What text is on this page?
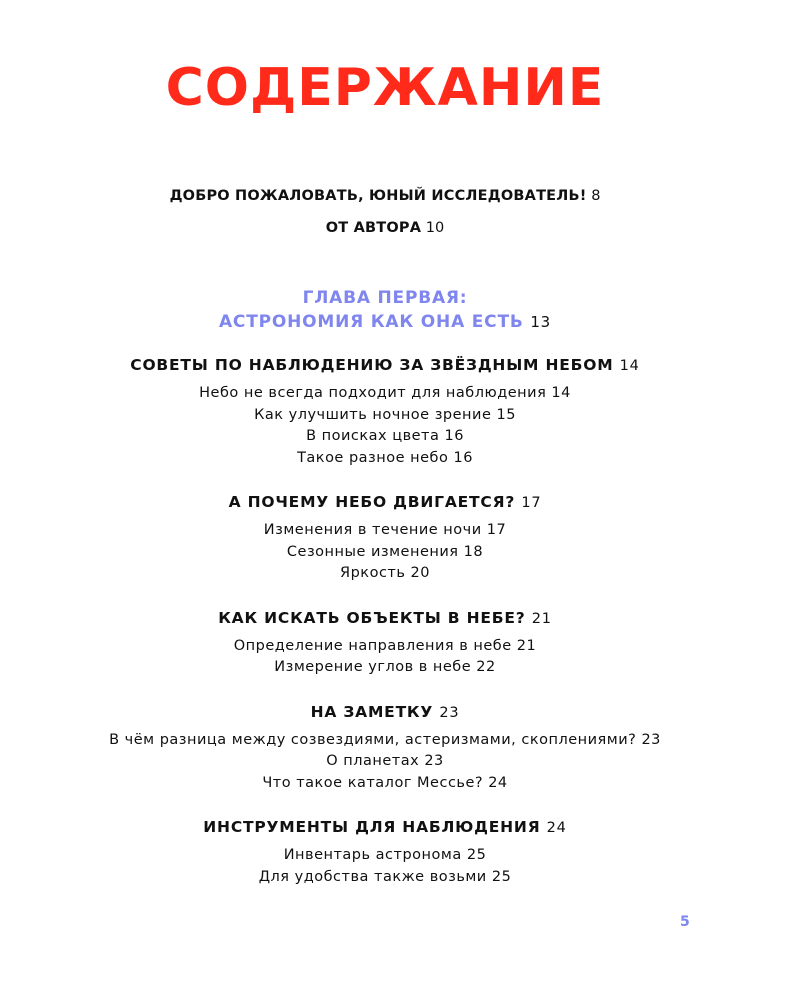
СОДЕРЖАНИЕ
ДОБРО ПОЖАЛОВАТЬ, ЮНЫЙ ИССЛЕДОВАТЕЛЬ! 8
ОТ АВТОРА 10
ГЛАВА ПЕРВАЯ:
АСТРОНОМИЯ КАК ОНА ЕСТЬ 13
СОВЕТЫ ПО НАБЛЮДЕНИЮ ЗА ЗВЁЗДНЫМ НЕБОМ 14
Небо не всегда подходит для наблюдения 14
Как улучшить ночное зрение 15
В поисках цвета 16
Такое разное небо 16
А ПОЧЕМУ НЕБО ДВИГАЕТСЯ? 17
Изменения в течение ночи 17
Сезонные изменения 18
Яркость 20
КАК ИСКАТЬ ОБЪЕКТЫ В НЕБЕ? 21
Определение направления в небе 21
Измерение углов в небе 22
НА ЗАМЕТКУ 23
В чём разница между созвездиями, астеризмами, скоплениями? 23
О планетах 23
Что такое каталог Мессье? 24
ИНСТРУМЕНТЫ ДЛЯ НАБЛЮДЕНИЯ 24
Инвентарь астронома 25
Для удобства также возьми 25
5
